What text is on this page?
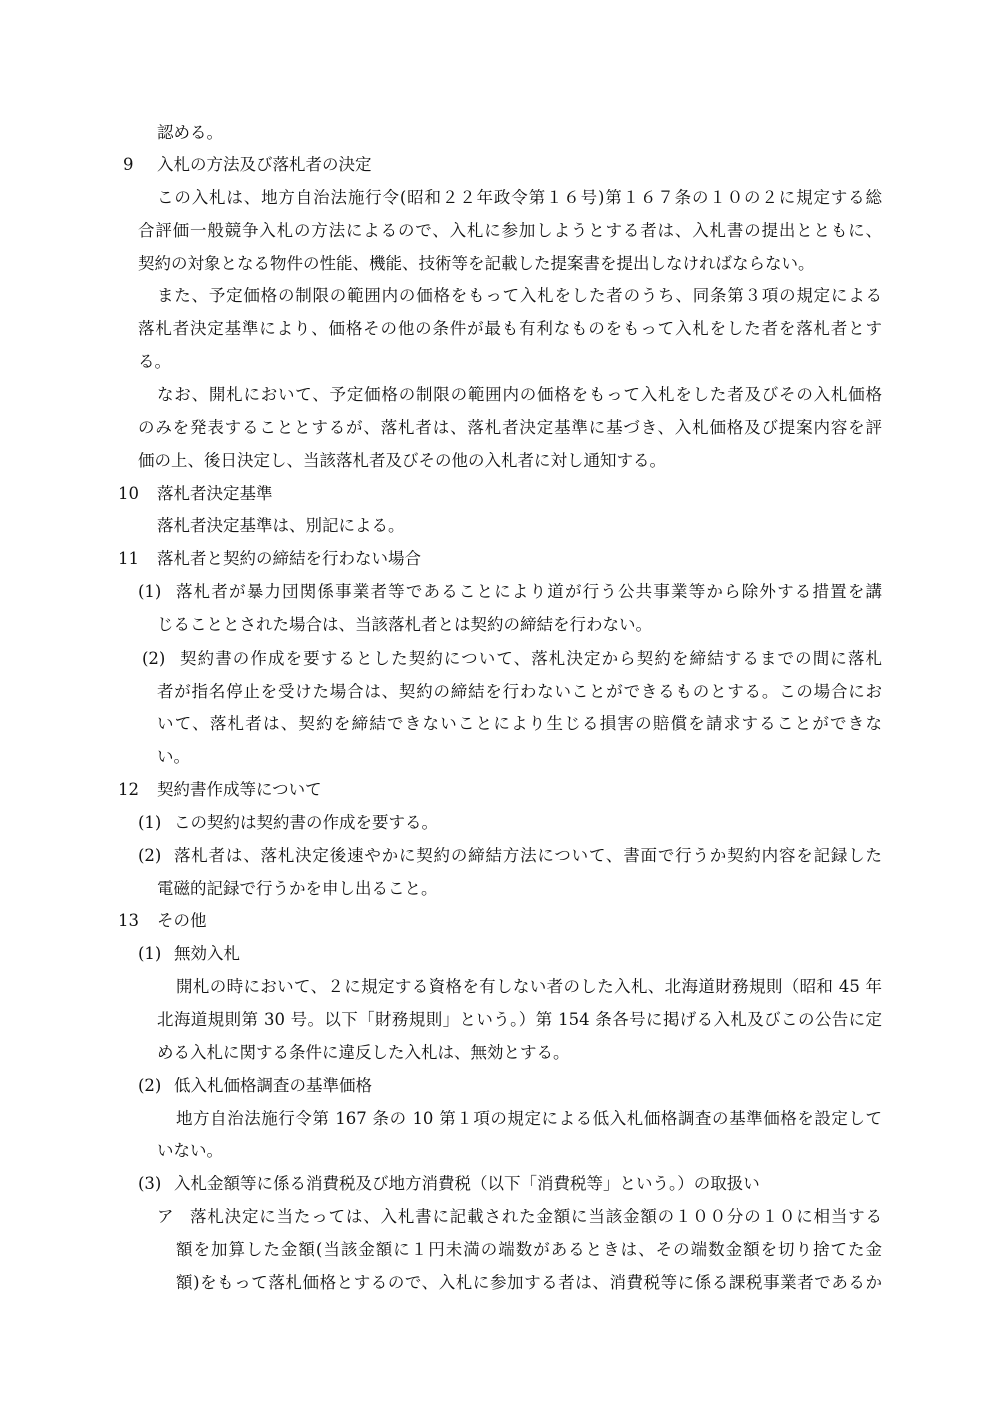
認める。
9 入札の方法及び落札者の決定
この入札は、地方自治法施行令(昭和２２年政令第１６号)第１６７条の１０の２に規定する総
合評価一般競争入札の方法によるので、入札に参加しようとする者は、入札書の提出とともに、
契約の対象となる物件の性能、機能、技術等を記載した提案書を提出しなければならない。
また、予定価格の制限の範囲内の価格をもって入札をした者のうち、同条第３項の規定による
落札者決定基準により、価格その他の条件が最も有利なものをもって入札をした者を落札者とす
る。
なお、開札において、予定価格の制限の範囲内の価格をもって入札をした者及びその入札価格
のみを発表することとするが、落札者は、落札者決定基準に基づき、入札価格及び提案内容を評
価の上、後日決定し、当該落札者及びその他の入札者に対し通知する。
10 落札者決定基準
落札者決定基準は、別記による。
11 落札者と契約の締結を行わない場合
(1) 落札者が暴力団関係事業者等であることにより道が行う公共事業等から除外する措置を講
じることとされた場合は、当該落札者とは契約の締結を行わない。
(2) 契約書の作成を要するとした契約について、落札決定から契約を締結するまでの間に落札
者が指名停止を受けた場合は、契約の締結を行わないことができるものとする。この場合にお
いて、落札者は、契約を締結できないことにより生じる損害の賠償を請求することができな
い。
12 契約書作成等について
(1) この契約は契約書の作成を要する。
(2) 落札者は、落札決定後速やかに契約の締結方法について、書面で行うか契約内容を記録した
電磁的記録で行うかを申し出ること。
13 その他
(1) 無効入札
開札の時において、２に規定する資格を有しない者のした入札、北海道財務規則（昭和 45 年
北海道規則第 30 号。以下「財務規則」という。）第 154 条各号に掲げる入札及びこの公告に定
める入札に関する条件に違反した入札は、無効とする。
(2) 低入札価格調査の基準価格
地方自治法施行令第 167 条の 10 第１項の規定による低入札価格調査の基準価格を設定して
いない。
(3) 入札金額等に係る消費税及び地方消費税（以下「消費税等」という。）の取扱い
ア 落札決定に当たっては、入札書に記載された金額に当該金額の１００分の１０に相当する
額を加算した金額(当該金額に１円未満の端数があるときは、その端数金額を切り捨てた金
額)をもって落札価格とするので、入札に参加する者は、消費税等に係る課税事業者であるか
